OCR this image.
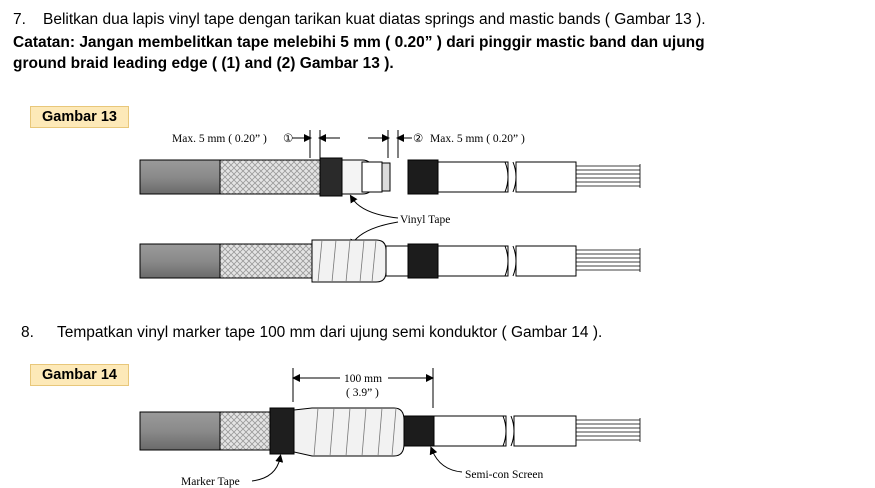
7. Belitkan dua lapis vinyl tape dengan tarikan kuat diatas springs and mastic bands ( Gambar 13 ).
Catatan: Jangan membelitkan tape melebihi 5 mm ( 0.20” ) dari pinggir mastic band dan ujung
ground braid leading edge ( (1) and (2) Gambar 13 ).
Gambar 13
8. Tempatkan vinyl marker tape 100 mm dari ujung semi konduktor ( Gambar 14 ).
Gambar 14
Max. 5 mm ( 0.20” ) ①	② Max. 5 mm ( 0.20” )
Vinyl Tape
100 mm
( 3.9” )
Marker Tape
Semi-con Screen
